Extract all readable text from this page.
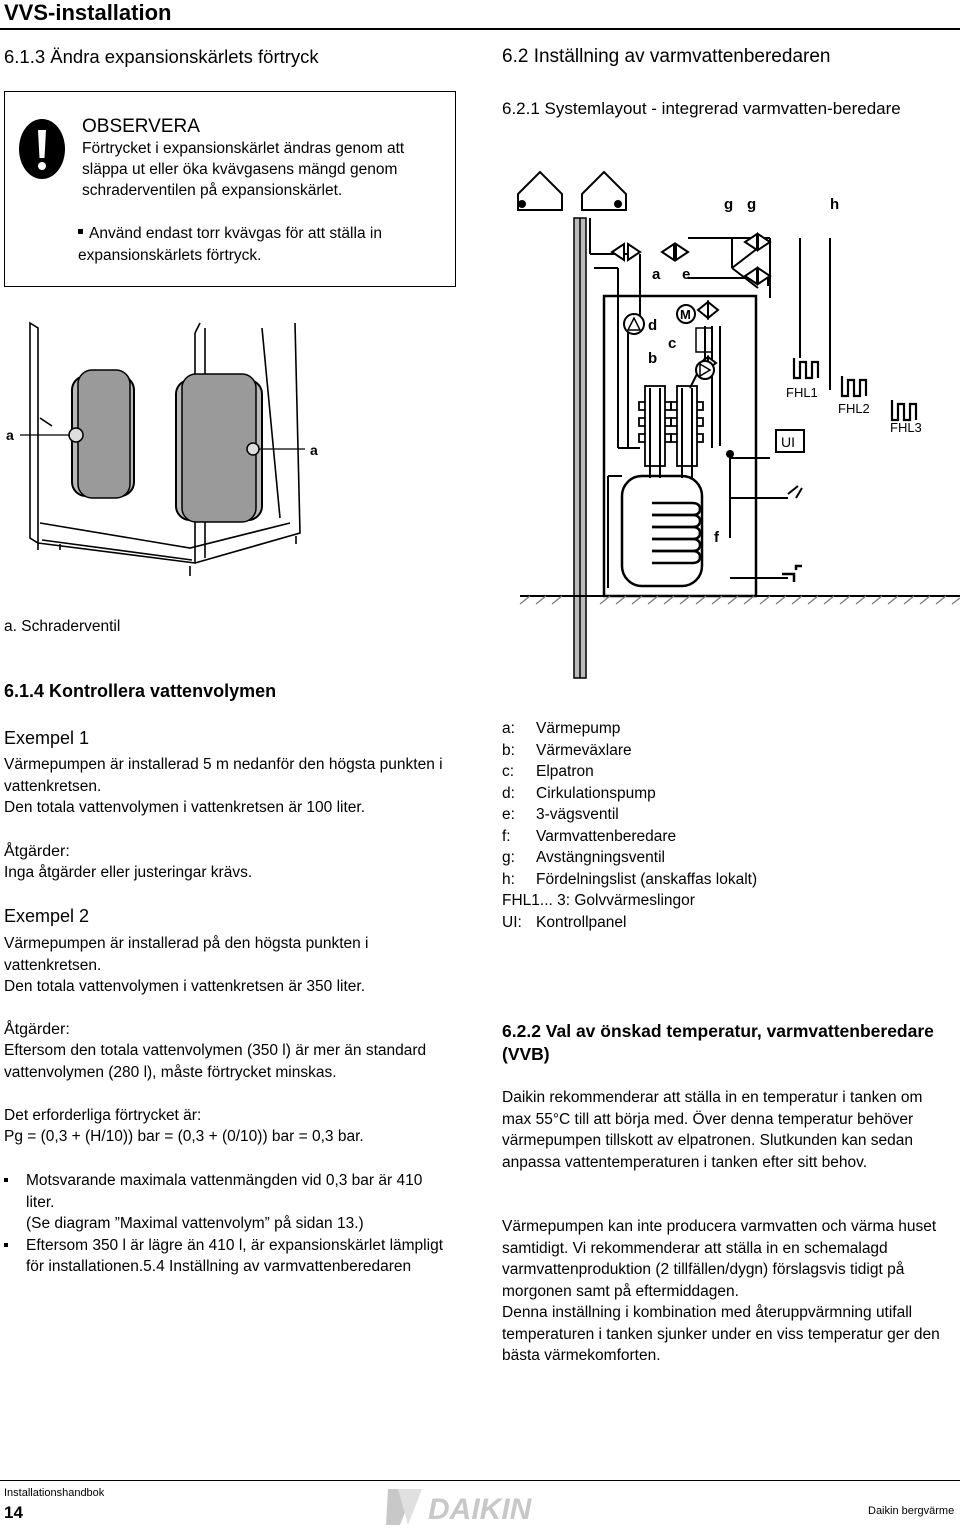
VVS-installation
6.1.3 Ändra expansionskärlets förtryck
OBSERVERA
Förtrycket i expansionskärlet ändras genom att släppa ut eller öka kvävgasens mängd genom schraderventilen på expansionskärlet.
Använd endast torr kvävgas för att ställa in expansionskärlets förtryck.
a
a
a. Schraderventil
6.1.4 Kontrollera vattenvolymen
Exempel 1
Värmepumpen är installerad 5 m nedanför den högsta punkten i vattenkretsen.
Den totala vattenvolymen i vattenkretsen är 100 liter.
Åtgärder:
Inga åtgärder eller justeringar krävs.
Exempel 2
Värmepumpen är installerad på den högsta punkten i vattenkretsen.
Den totala vattenvolymen i vattenkretsen är 350 liter.
Åtgärder:
Eftersom den totala vattenvolymen (350 l) är mer än standard vattenvolymen (280 l), måste förtrycket minskas.
Det erforderliga förtrycket är:
Pg = (0,3 + (H/10)) bar = (0,3 + (0/10)) bar = 0,3 bar.
Motsvarande maximala vattenmängden vid 0,3 bar är 410 liter.
(Se diagram ”Maximal vattenvolym” på sidan 13.)
Eftersom 350 l är lägre än 410 l, är expansionskärlet lämpligt för installationen.5.4 Inställning av varmvattenberedaren
6.2 Inställning av varmvattenberedaren
6.2.1 Systemlayout - integrerad varmvatten-beredare
M
g g	h
a e
d
b
c
FHL1
FHL2
FHL3
UI
f
a:	Värmepump
b:	Värmeväxlare
c:	Elpatron
d:	Cirkulationspump
e:	3-vägsventil
f:	Varmvattenberedare
g:	Avstängningsventil
h:	Fördelningslist (anskaffas lokalt)
FHL1... 3: Golvvärmeslingor
UI: Kontrollpanel
6.2.2 Val av önskad temperatur, varmvattenberedare (VVB)
Daikin rekommenderar att ställa in en temperatur i tanken om max 55°C till att börja med. Över denna temperatur behöver värmepumpen tillskott av elpatronen. Slutkunden kan sedan anpassa vattentemperaturen i tanken efter sitt behov.
Värmepumpen kan inte producera varmvatten och värma huset samtidigt. Vi rekommenderar att ställa in en schemalagd varmvattenproduktion (2 tillfällen/dygn) förslagsvis tidigt på morgonen samt på eftermiddagen.
Denna inställning i kombination med återuppvärmning utifall temperaturen i tanken sjunker under en viss temperatur ger den bästa värmekomforten.
Installationshandbok
14	DAIKIN	Daikin bergvärme
